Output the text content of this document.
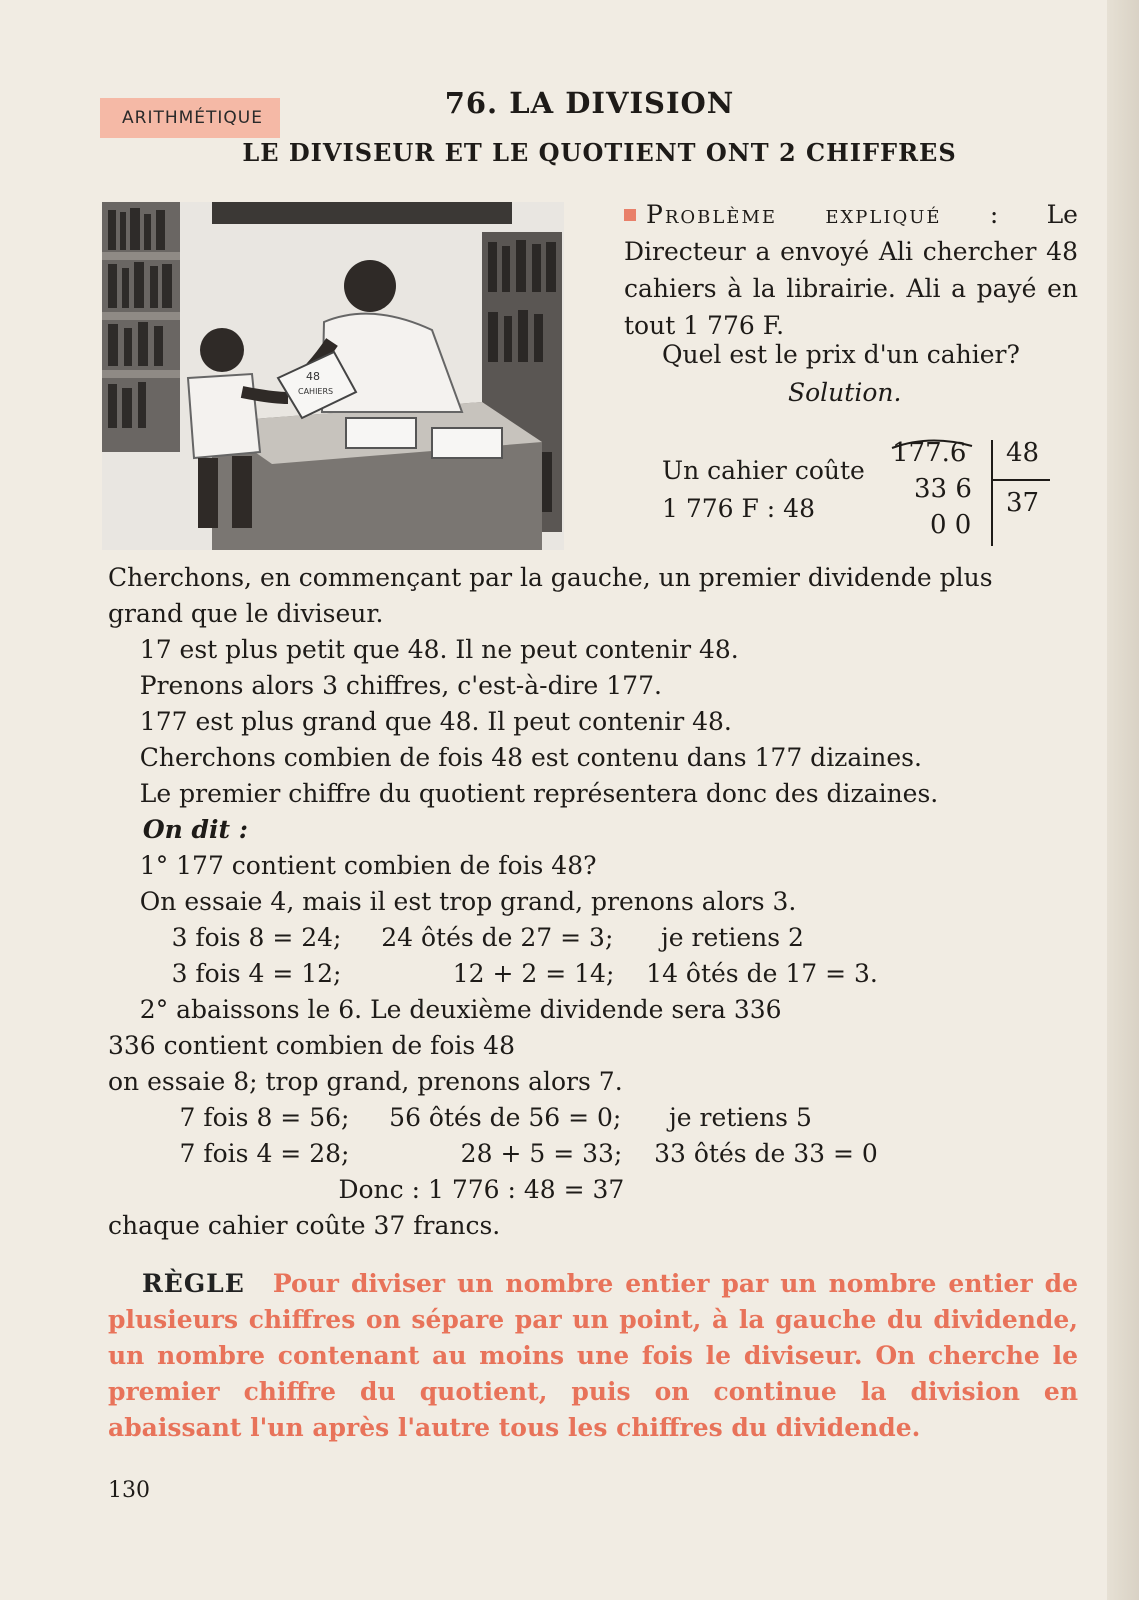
ARITHMÉTIQUE	76. LA DIVISION
LE DIVISEUR ET LE QUOTIENT ONT 2 CHIFFRES
48
CAHIERS
Problème expliqué : Le Directeur a envoyé Ali chercher 48 cahiers à la librairie. Ali a payé en tout 1 776 F.
Quel est le prix d'un cahier?
Solution.
Un cahier coûte
1 776 F : 48
177.6 48
33 6 37
0 0
Cherchons, en commençant par la gauche, un premier dividende plus
grand que le diviseur.
17 est plus petit que 48. Il ne peut contenir 48.
Prenons alors 3 chiffres, c'est-à-dire 177.
177 est plus grand que 48. Il peut contenir 48.
Cherchons combien de fois 48 est contenu dans 177 dizaines.
Le premier chiffre du quotient représentera donc des dizaines.
On dit :
1° 177 contient combien de fois 48?
On essaie 4, mais il est trop grand, prenons alors 3.
3 fois 8 = 24;     24 ôtés de 27 = 3;      je retiens 2
3 fois 4 = 12;              12 + 2 = 14;    14 ôtés de 17 = 3.
2° abaissons le 6. Le deuxième dividende sera 336
336 contient combien de fois 48
on essaie 8; trop grand, prenons alors 7.
7 fois 8 = 56;     56 ôtés de 56 = 0;      je retiens 5
7 fois 4 = 28;              28 + 5 = 33;    33 ôtés de 33 = 0
Donc : 1 776 : 48 = 37
chaque cahier coûte 37 francs.
RÈGLE Pour diviser un nombre entier par un nombre entier de plusieurs chiffres on sépare par un point, à la gauche du dividende, un nombre contenant au moins une fois le diviseur. On cherche le premier chiffre du quotient, puis on continue la division en abaissant l'un après l'autre tous les chiffres du dividende.
130
